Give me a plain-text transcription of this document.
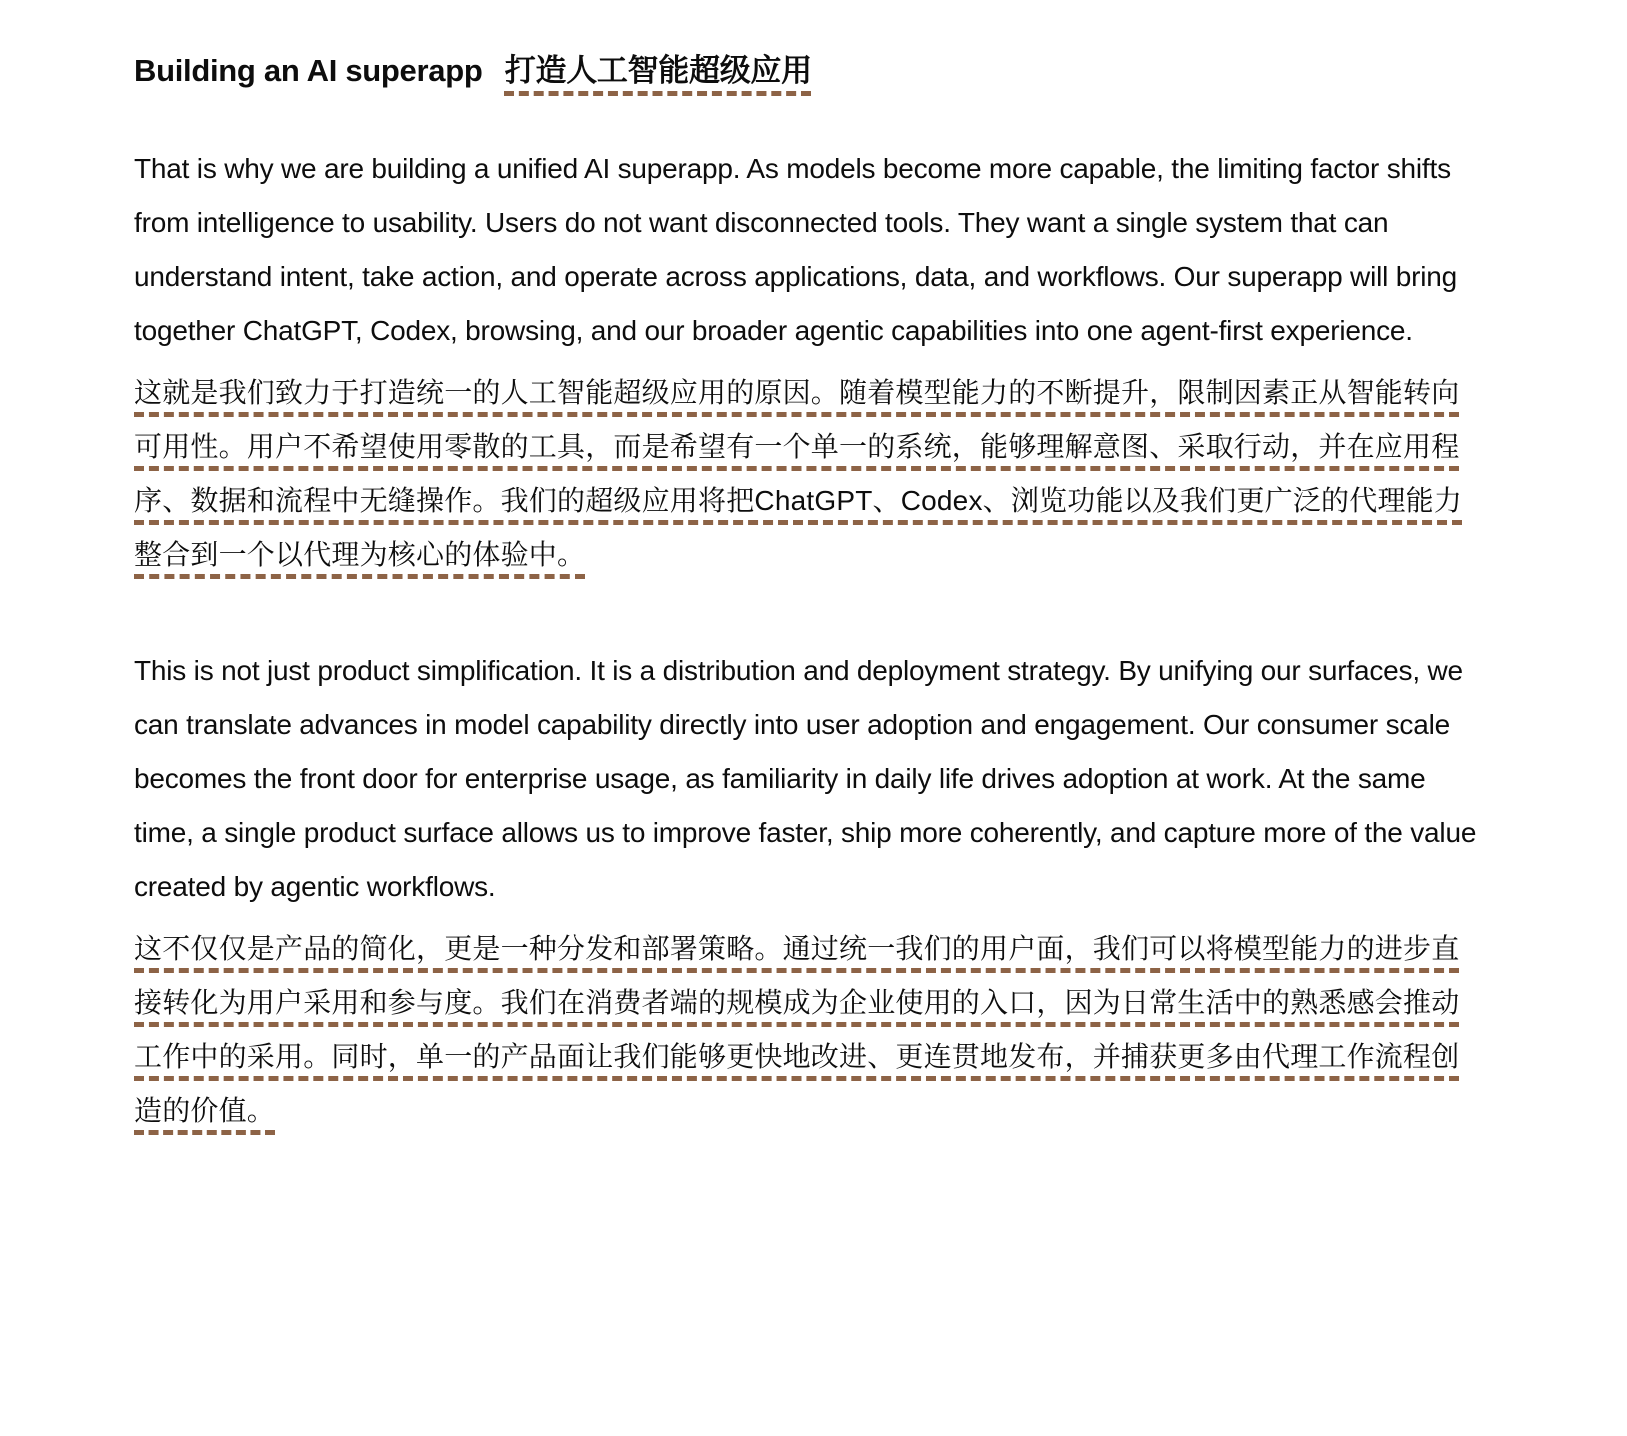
Building an AI superapp 打造人工智能超级应用

That is why we are building a unified AI superapp. As models become more capable, the limiting factor shifts from intelligence to usability. Users do not want disconnected tools. They want a single system that can understand intent, take action, and operate across applications, data, and workflows. Our superapp will bring together ChatGPT, Codex, browsing, and our broader agentic capabilities into one agent-first experience.

这就是我们致力于打造统一的人工智能超级应用的原因。随着模型能力的不断提升，限制因素正从智能转向可用性。用户不希望使用零散的工具，而是希望有一个单一的系统，能够理解意图、采取行动，并在应用程序、数据和流程中无缝操作。我们的超级应用将把ChatGPT、Codex、浏览功能以及我们更广泛的代理能力整合到一个以代理为核心的体验中。

This is not just product simplification. It is a distribution and deployment strategy. By unifying our surfaces, we can translate advances in model capability directly into user adoption and engagement. Our consumer scale becomes the front door for enterprise usage, as familiarity in daily life drives adoption at work. At the same time, a single product surface allows us to improve faster, ship more coherently, and capture more of the value created by agentic workflows.

这不仅仅是产品的简化，更是一种分发和部署策略。通过统一我们的用户面，我们可以将模型能力的进步直接转化为用户采用和参与度。我们在消费者端的规模成为企业使用的入口，因为日常生活中的熟悉感会推动工作中的采用。同时，单一的产品面让我们能够更快地改进、更连贯地发布，并捕获更多由代理工作流程创造的价值。
